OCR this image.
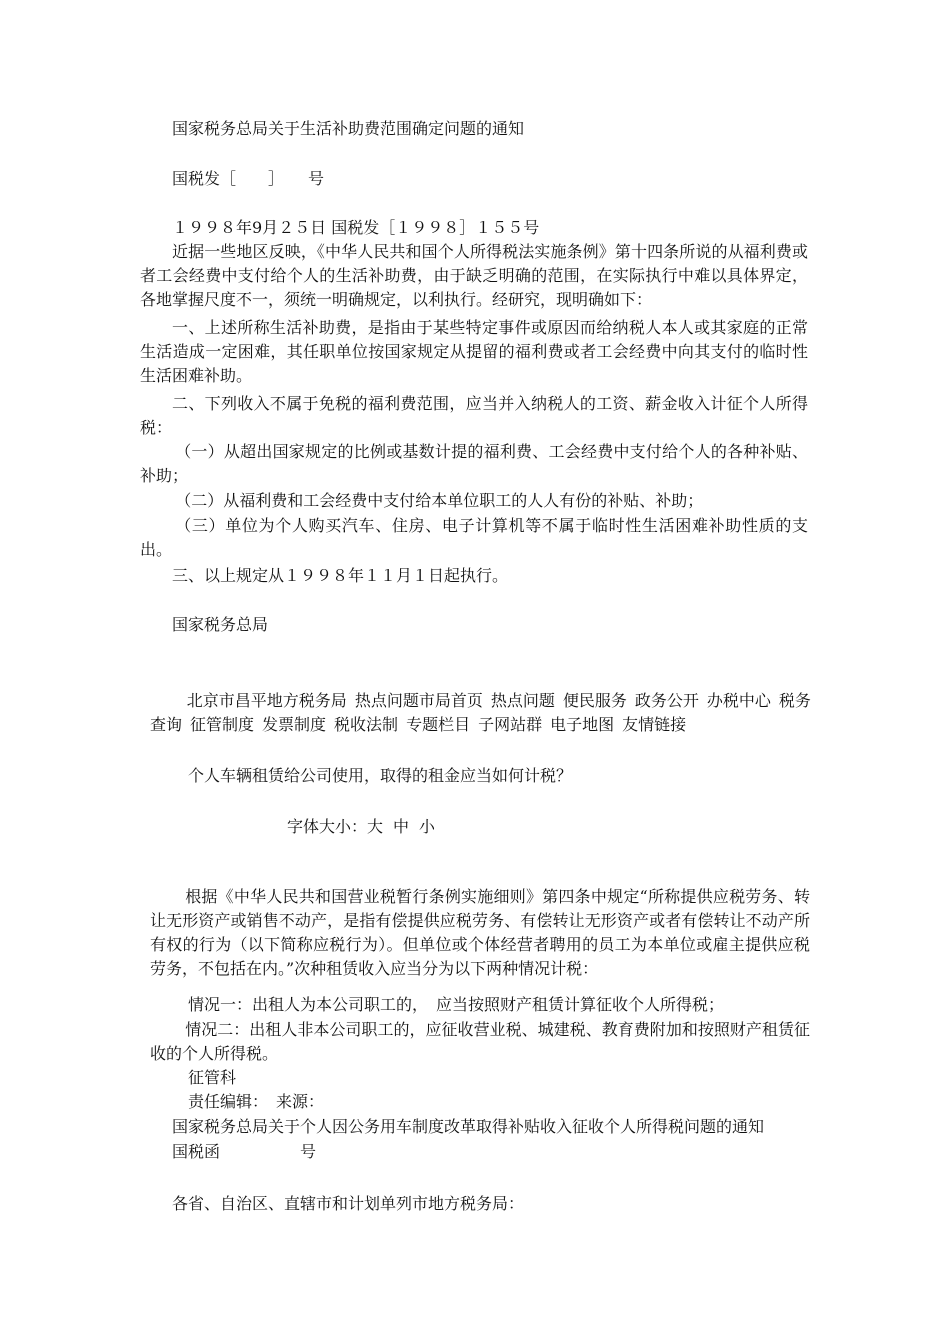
国家税务总局关于生活补助费范围确定问题的通知
国税发［　　］　　号
１９９８年9月２５日 国税发［１９９８］１５５号
近据一些地区反映，《中华人民共和国个人所得税法实施条例》第十四条所说的从福利费或者工会经费中支付给个人的生活补助费，由于缺乏明确的范围，在实际执行中难以具体界定，各地掌握尺度不一，须统一明确规定，以利执行。经研究，现明确如下：
一、上述所称生活补助费，是指由于某些特定事件或原因而给纳税人本人或其家庭的正常生活造成一定困难，其任职单位按国家规定从提留的福利费或者工会经费中向其支付的临时性生活困难补助。
二、下列收入不属于免税的福利费范围，应当并入纳税人的工资、薪金收入计征个人所得税：
（一）从超出国家规定的比例或基数计提的福利费、工会经费中支付给个人的各种补贴、补助；
（二）从福利费和工会经费中支付给本单位职工的人人有份的补贴、补助；
（三）单位为个人购买汽车、住房、电子计算机等不属于临时性生活困难补助性质的支出。
三、以上规定从１９９８年１１月１日起执行。
国家税务总局
北京市昌平地方税务局 热点问题市局首页 热点问题 便民服务 政务公开 办税中心 税务查询 征管制度 发票制度 税收法制 专题栏目 子网站群 电子地图 友情链接
个人车辆租赁给公司使用，取得的租金应当如何计税？
字体大小：大 中 小
根据《中华人民共和国营业税暂行条例实施细则》第四条中规定“所称提供应税劳务、转让无形资产或销售不动产，是指有偿提供应税劳务、有偿转让无形资产或者有偿转让不动产所有权的行为（以下简称应税行为）。但单位或个体经营者聘用的员工为本单位或雇主提供应税劳务，不包括在内。”次种租赁收入应当分为以下两种情况计税：
情况一：出租人为本公司职工的，　应当按照财产租赁计算征收个人所得税；
情况二：出租人非本公司职工的，应征收营业税、城建税、教育费附加和按照财产租赁征收的个人所得税。
征管科
责任编辑：　来源：
国家税务总局关于个人因公务用车制度改革取得补贴收入征收个人所得税问题的通知
国税函　　　　　号
各省、自治区、直辖市和计划单列市地方税务局：
